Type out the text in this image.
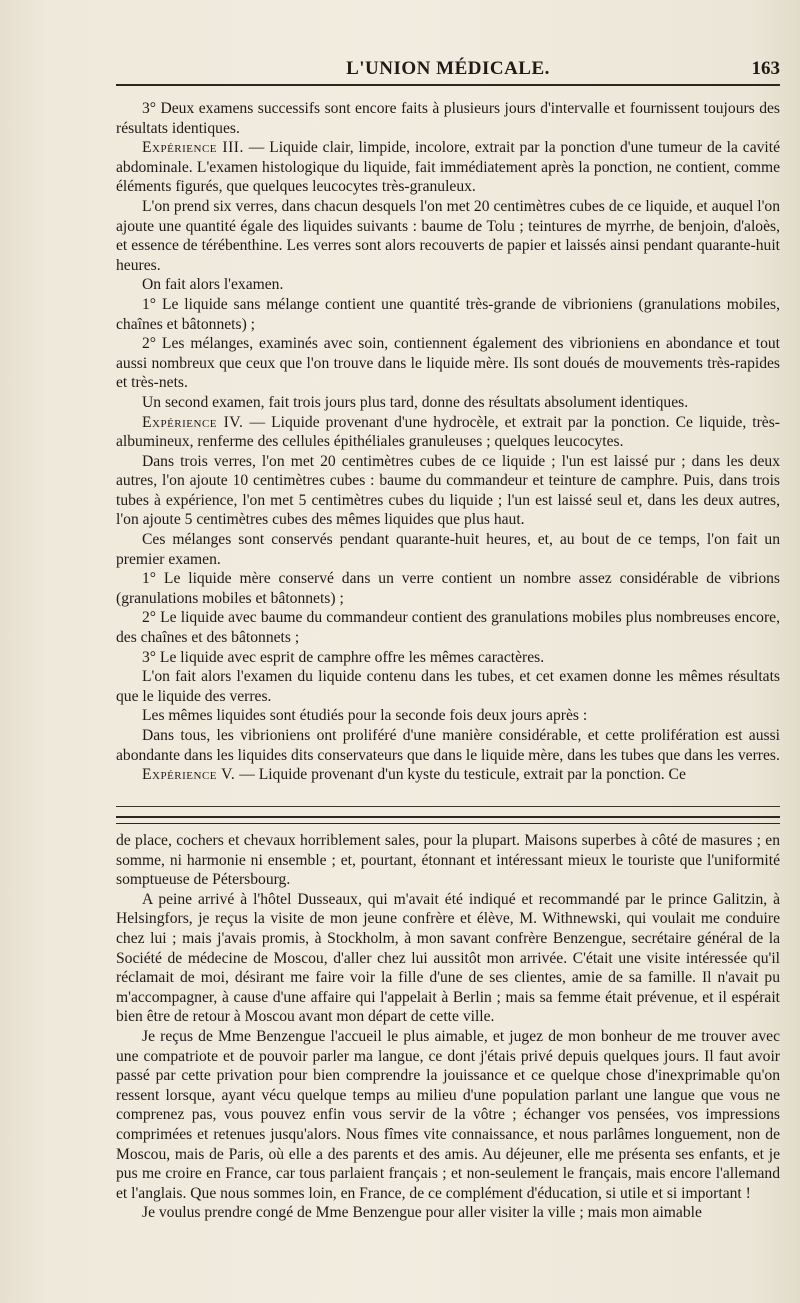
L'UNION MÉDICALE.	163

3° Deux examens successifs sont encore faits à plusieurs jours d'intervalle et fournissent toujours des résultats identiques.

Expérience III. — Liquide clair, limpide, incolore, extrait par la ponction d'une tumeur de la cavité abdominale. L'examen histologique du liquide, fait immédiatement après la ponction, ne contient, comme éléments figurés, que quelques leucocytes très-granuleux.

L'on prend six verres, dans chacun desquels l'on met 20 centimètres cubes de ce liquide, et auquel l'on ajoute une quantité égale des liquides suivants : baume de Tolu ; teintures de myrrhe, de benjoin, d'aloès, et essence de térébenthine. Les verres sont alors recouverts de papier et laissés ainsi pendant quarante-huit heures.

On fait alors l'examen.

1° Le liquide sans mélange contient une quantité très-grande de vibrioniens (granulations mobiles, chaînes et bâtonnets) ;

2° Les mélanges, examinés avec soin, contiennent également des vibrioniens en abondance et tout aussi nombreux que ceux que l'on trouve dans le liquide mère. Ils sont doués de mouvements très-rapides et très-nets.

Un second examen, fait trois jours plus tard, donne des résultats absolument identiques.

Expérience IV. — Liquide provenant d'une hydrocèle, et extrait par la ponction. Ce liquide, très-albumineux, renferme des cellules épithéliales granuleuses ; quelques leucocytes.

Dans trois verres, l'on met 20 centimètres cubes de ce liquide ; l'un est laissé pur ; dans les deux autres, l'on ajoute 10 centimètres cubes : baume du commandeur et teinture de camphre. Puis, dans trois tubes à expérience, l'on met 5 centimètres cubes du liquide ; l'un est laissé seul et, dans les deux autres, l'on ajoute 5 centimètres cubes des mêmes liquides que plus haut.

Ces mélanges sont conservés pendant quarante-huit heures, et, au bout de ce temps, l'on fait un premier examen.

1° Le liquide mère conservé dans un verre contient un nombre assez considérable de vibrions (granulations mobiles et bâtonnets) ;

2° Le liquide avec baume du commandeur contient des granulations mobiles plus nombreuses encore, des chaînes et des bâtonnets ;

3° Le liquide avec esprit de camphre offre les mêmes caractères.

L'on fait alors l'examen du liquide contenu dans les tubes, et cet examen donne les mêmes résultats que le liquide des verres.

Les mêmes liquides sont étudiés pour la seconde fois deux jours après :

Dans tous, les vibrioniens ont proliféré d'une manière considérable, et cette prolifération est aussi abondante dans les liquides dits conservateurs que dans le liquide mère, dans les tubes que dans les verres.

Expérience V. — Liquide provenant d'un kyste du testicule, extrait par la ponction. Ce

de place, cochers et chevaux horriblement sales, pour la plupart. Maisons superbes à côté de masures ; en somme, ni harmonie ni ensemble ; et, pourtant, étonnant et intéressant mieux le touriste que l'uniformité somptueuse de Pétersbourg.

A peine arrivé à l'hôtel Dusseaux, qui m'avait été indiqué et recommandé par le prince Galitzin, à Helsingfors, je reçus la visite de mon jeune confrère et élève, M. Withnewski, qui voulait me conduire chez lui ; mais j'avais promis, à Stockholm, à mon savant confrère Benzengue, secrétaire général de la Société de médecine de Moscou, d'aller chez lui aussitôt mon arrivée. C'était une visite intéressée qu'il réclamait de moi, désirant me faire voir la fille d'une de ses clientes, amie de sa famille. Il n'avait pu m'accompagner, à cause d'une affaire qui l'appelait à Berlin ; mais sa femme était prévenue, et il espérait bien être de retour à Moscou avant mon départ de cette ville.

Je reçus de Mme Benzengue l'accueil le plus aimable, et jugez de mon bonheur de me trouver avec une compatriote et de pouvoir parler ma langue, ce dont j'étais privé depuis quelques jours. Il faut avoir passé par cette privation pour bien comprendre la jouissance et ce quelque chose d'inexprimable qu'on ressent lorsque, ayant vécu quelque temps au milieu d'une population parlant une langue que vous ne comprenez pas, vous pouvez enfin vous servir de la vôtre ; échanger vos pensées, vos impressions comprimées et retenues jusqu'alors. Nous fîmes vite connaissance, et nous parlâmes longuement, non de Moscou, mais de Paris, où elle a des parents et des amis. Au déjeuner, elle me présenta ses enfants, et je pus me croire en France, car tous parlaient français ; et non-seulement le français, mais encore l'allemand et l'anglais. Que nous sommes loin, en France, de ce complément d'éducation, si utile et si important !

Je voulus prendre congé de Mme Benzengue pour aller visiter la ville ; mais mon aimable
